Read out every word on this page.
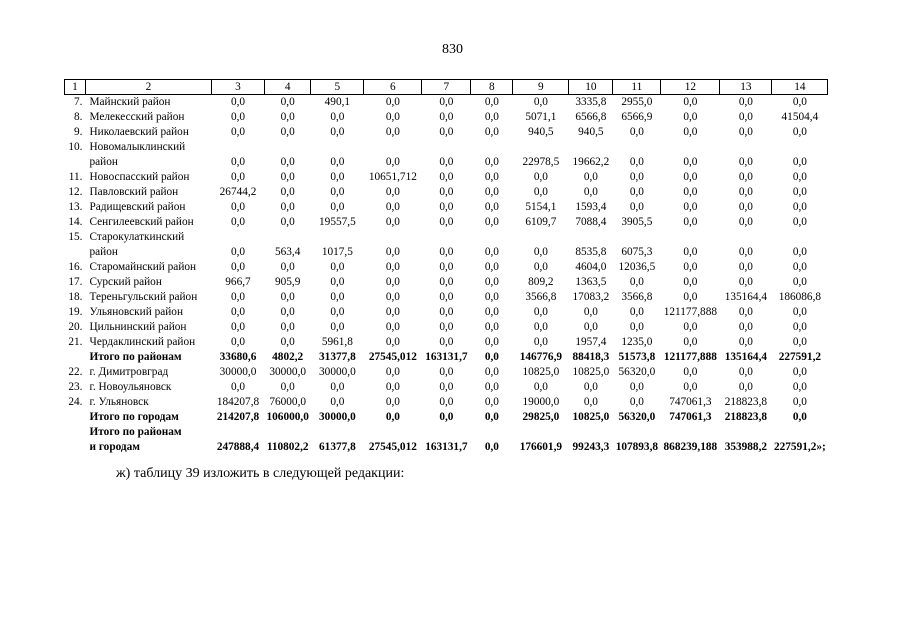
830
1	2	3	4	5	6	7	8	9	10	11	12	13	14
7.	Майнский район	0,0	0,0	490,1	0,0	0,0	0,0	0,0	3335,8	2955,0	0,0	0,0	0,0
8.	Мелекесский район	0,0	0,0	0,0	0,0	0,0	0,0	5071,1	6566,8	6566,9	0,0	0,0	41504,4
9.	Николаевский район	0,0	0,0	0,0	0,0	0,0	0,0	940,5	940,5	0,0	0,0	0,0	0,0
10.	Новомалыклинский												
	район	0,0	0,0	0,0	0,0	0,0	0,0	22978,5	19662,2	0,0	0,0	0,0	0,0
11.	Новоспасский район	0,0	0,0	0,0	10651,712	0,0	0,0	0,0	0,0	0,0	0,0	0,0	0,0
12.	Павловский район	26744,2	0,0	0,0	0,0	0,0	0,0	0,0	0,0	0,0	0,0	0,0	0,0
13.	Радищевский район	0,0	0,0	0,0	0,0	0,0	0,0	5154,1	1593,4	0,0	0,0	0,0	0,0
14.	Сенгилеевский район	0,0	0,0	19557,5	0,0	0,0	0,0	6109,7	7088,4	3905,5	0,0	0,0	0,0
15.	Старокулаткинский												
	район	0,0	563,4	1017,5	0,0	0,0	0,0	0,0	8535,8	6075,3	0,0	0,0	0,0
16.	Старомайнский район	0,0	0,0	0,0	0,0	0,0	0,0	0,0	4604,0	12036,5	0,0	0,0	0,0
17.	Сурский район	966,7	905,9	0,0	0,0	0,0	0,0	809,2	1363,5	0,0	0,0	0,0	0,0
18.	Тереньгульский район	0,0	0,0	0,0	0,0	0,0	0,0	3566,8	17083,2	3566,8	0,0	135164,4	186086,8
19.	Ульяновский район	0,0	0,0	0,0	0,0	0,0	0,0	0,0	0,0	0,0	121177,888	0,0	0,0
20.	Цильнинский район	0,0	0,0	0,0	0,0	0,0	0,0	0,0	0,0	0,0	0,0	0,0	0,0
21.	Чердаклинский район	0,0	0,0	5961,8	0,0	0,0	0,0	0,0	1957,4	1235,0	0,0	0,0	0,0
	Итого по районам	33680,6	4802,2	31377,8	27545,012	163131,7	0,0	146776,9	88418,3	51573,8	121177,888	135164,4	227591,2
22.	г. Димитровград	30000,0	30000,0	30000,0	0,0	0,0	0,0	10825,0	10825,0	56320,0	0,0	0,0	0,0
23.	г. Новоульяновск	0,0	0,0	0,0	0,0	0,0	0,0	0,0	0,0	0,0	0,0	0,0	0,0
24.	г. Ульяновск	184207,8	76000,0	0,0	0,0	0,0	0,0	19000,0	0,0	0,0	747061,3	218823,8	0,0
	Итого по городам	214207,8	106000,0	30000,0	0,0	0,0	0,0	29825,0	10825,0	56320,0	747061,3	218823,8	0,0
	Итого по районам												
	и городам	247888,4	110802,2	61377,8	27545,012	163131,7	0,0	176601,9	99243,3	107893,8	868239,188	353988,2	227591,2»;
ж) таблицу 39 изложить в следующей редакции:
